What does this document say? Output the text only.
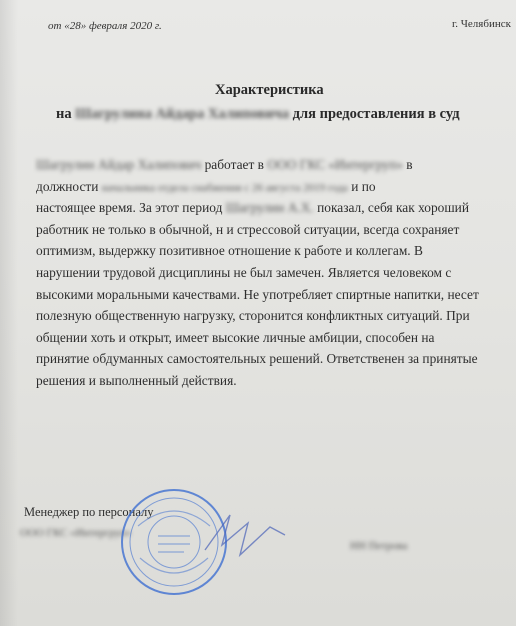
от «28» февраля 2020 г.	г. Челябинск
Характеристика
на Шагрулина Айдара Халиповича для предоставления в суд
Шагрулин Айдар Халипович работает в ООО ГКС «Интергруп» в
должности начальника отдела снабжения с 26 августа 2019 года и по
настоящее время. За этот период Шагрулин А.Х. показал, себя как хороший
работник не только в обычной, н и стрессовой ситуации, всегда сохраняет
оптимизм, выдержку позитивное отношение к работе и коллегам. В
нарушении трудовой дисциплины не был замечен. Является человеком с
высокими моральными качествами. Не употребляет спиртные напитки, несет
полезную общественную нагрузку, сторонится конфликтных ситуаций. При
общении хоть и открыт, имеет высокие личные амбиции, способен на
принятие обдуманных самостоятельных решений. Ответственен за принятые
решения и выполненный действия.
Менеджер по персоналу
ООО ГКС «Интергруп»
НН Петрова
